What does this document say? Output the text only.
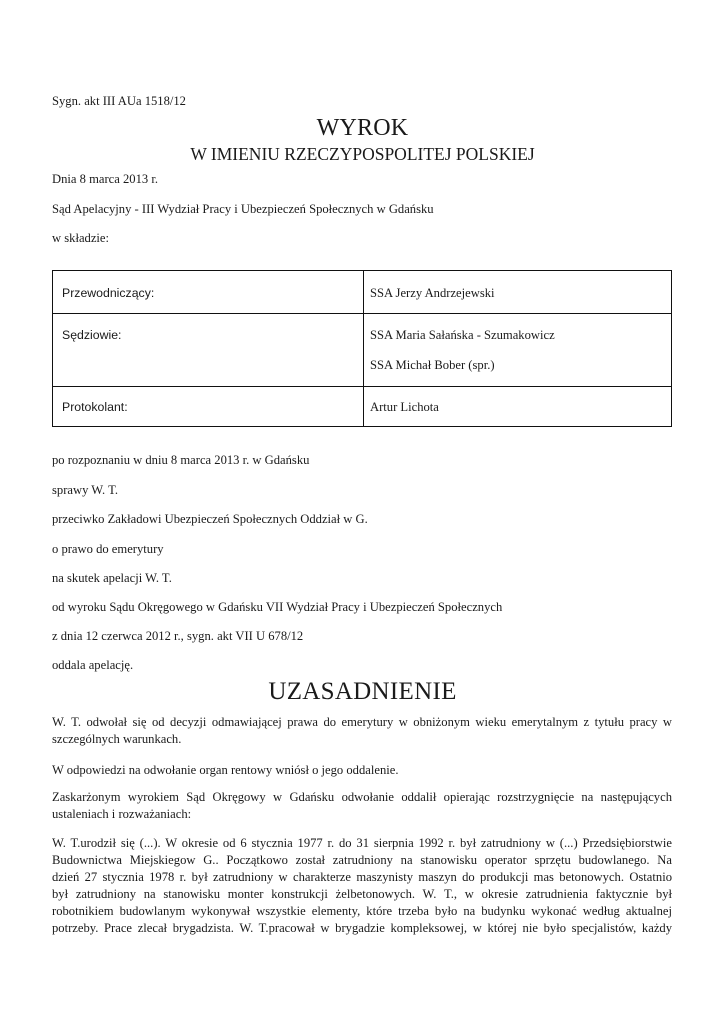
Sygn. akt III AUa 1518/12

WYROK
W IMIENIU RZECZYPOSPOLITEJ POLSKIEJ

Dnia 8 marca 2013 r.

Sąd Apelacyjny - III Wydział Pracy i Ubezpieczeń Społecznych w Gdańsku

w składzie:

Przewodniczący:	SSA Jerzy Andrzejewski
Sędziowie:	SSA Maria Sałańska - Szumakowicz
SSA Michał Bober (spr.)
Protokolant:	Artur Lichota

po rozpoznaniu w dniu 8 marca 2013 r. w Gdańsku

sprawy W. T.

przeciwko Zakładowi Ubezpieczeń Społecznych Oddział w G.

o prawo do emerytury

na skutek apelacji W. T.

od wyroku Sądu Okręgowego w Gdańsku VII Wydział Pracy i Ubezpieczeń Społecznych

z dnia 12 czerwca 2012 r., sygn. akt VII U 678/12

oddala apelację.

UZASADNIENIE
W. T. odwołał się od decyzji odmawiającej prawa do emerytury w obniżonym wieku emerytalnym z tytułu pracy w
szczególnych warunkach.

W odpowiedzi na odwołanie organ rentowy wniósł o jego oddalenie.

Zaskarżonym wyrokiem Sąd Okręgowy w Gdańsku odwołanie oddalił opierając rozstrzygnięcie na następujących
ustaleniach i rozważaniach:
W. T.urodził się (...). W okresie od 6 stycznia 1977 r. do 31 sierpnia 1992 r. był zatrudniony w (...) Przedsiębiorstwie
Budownictwa Miejskiegow G.. Początkowo został zatrudniony na stanowisku operator sprzętu budowlanego. Na
dzień 27 stycznia 1978 r. był zatrudniony w charakterze maszynisty maszyn do produkcji mas betonowych. Ostatnio
był zatrudniony na stanowisku monter konstrukcji żelbetonowych. W. T., w okresie zatrudnienia faktycznie był
robotnikiem budowlanym wykonywał wszystkie elementy, które trzeba było na budynku wykonać według aktualnej
potrzeby. Prace zlecał brygadzista. W. T.pracował w brygadzie kompleksowej, w której nie było specjalistów, każdy
